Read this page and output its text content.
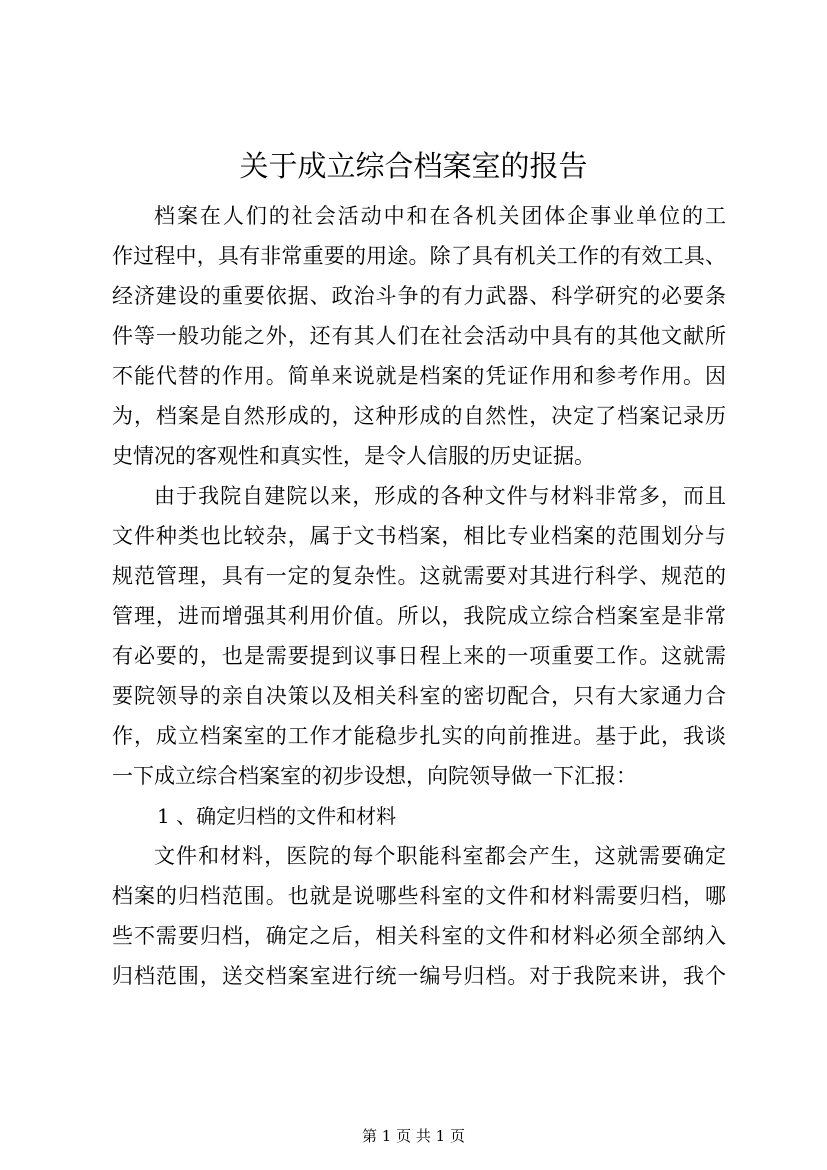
关于成立综合档案室的报告
档案在人们的社会活动中和在各机关团体企事业单位的工
作过程中，具有非常重要的用途。除了具有机关工作的有效工具、
经济建设的重要依据、政治斗争的有力武器、科学研究的必要条
件等一般功能之外，还有其人们在社会活动中具有的其他文献所
不能代替的作用。简单来说就是档案的凭证作用和参考作用。因
为，档案是自然形成的，这种形成的自然性，决定了档案记录历
史情况的客观性和真实性，是令人信服的历史证据。
由于我院自建院以来，形成的各种文件与材料非常多，而且
文件种类也比较杂，属于文书档案，相比专业档案的范围划分与
规范管理，具有一定的复杂性。这就需要对其进行科学、规范的
管理，进而增强其利用价值。所以，我院成立综合档案室是非常
有必要的，也是需要提到议事日程上来的一项重要工作。这就需
要院领导的亲自决策以及相关科室的密切配合，只有大家通力合
作，成立档案室的工作才能稳步扎实的向前推进。基于此，我谈
一下成立综合档案室的初步设想，向院领导做一下汇报：
1 、确定归档的文件和材料
文件和材料，医院的每个职能科室都会产生，这就需要确定
档案的归档范围。也就是说哪些科室的文件和材料需要归档，哪
些不需要归档，确定之后，相关科室的文件和材料必须全部纳入
归档范围，送交档案室进行统一编号归档。对于我院来讲，我个
第 1 页 共 1 页
